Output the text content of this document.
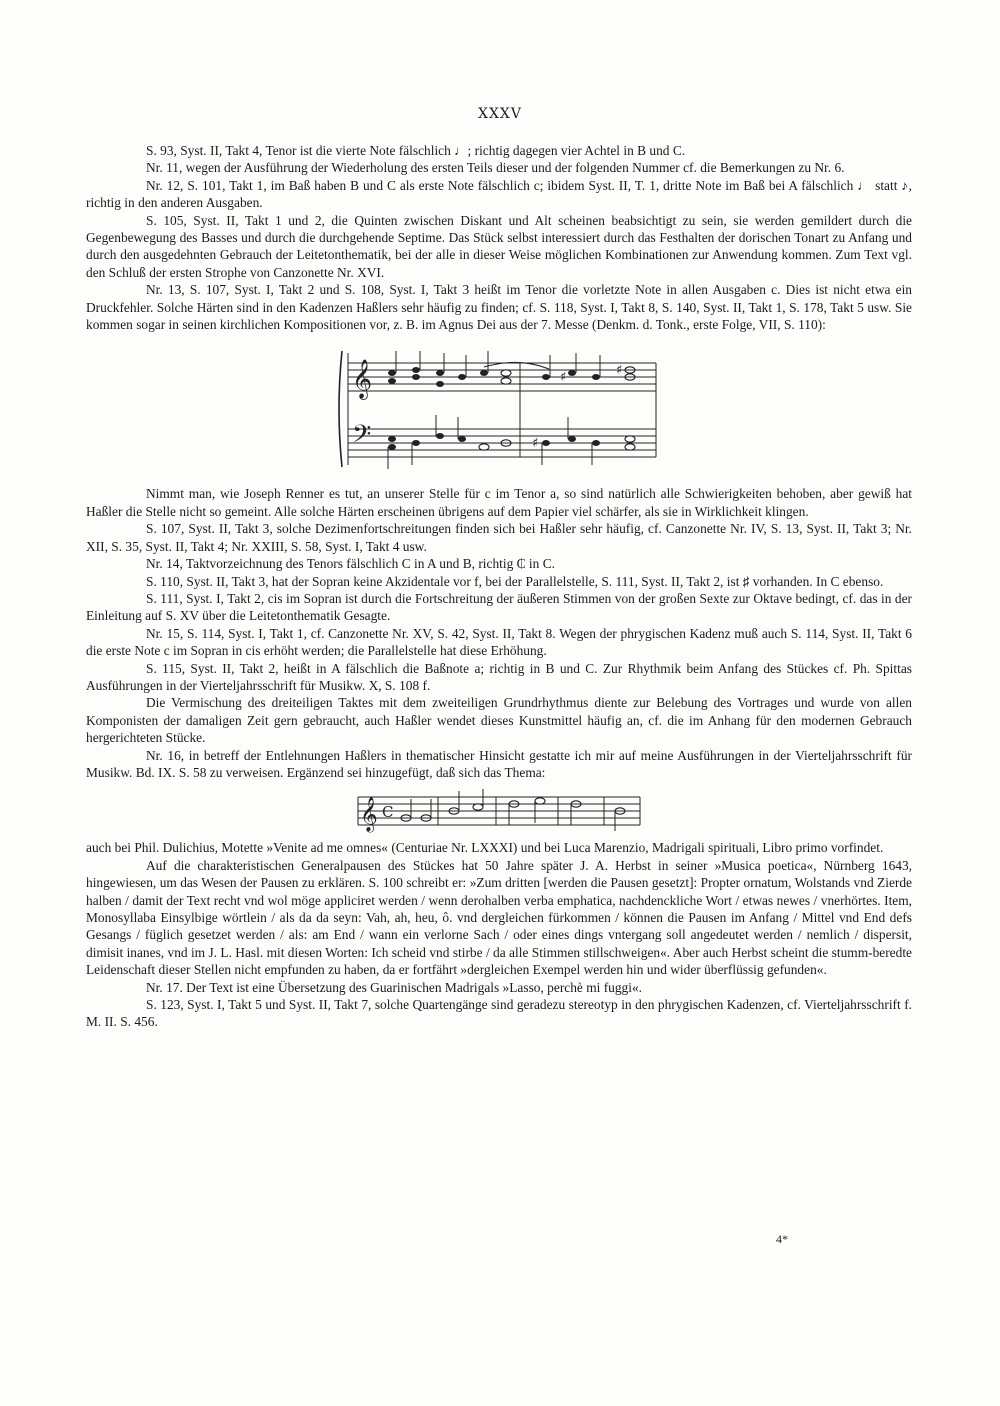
XXXV

S. 93, Syst. II, Takt 4, Tenor ist die vierte Note fälschlich ♩; richtig dagegen vier Achtel in B und C.

Nr. 11, wegen der Ausführung der Wiederholung des ersten Teils dieser und der folgenden Nummer cf. die Bemerkungen zu Nr. 6.

Nr. 12, S. 101, Takt 1, im Baß haben B und C als erste Note fälschlich c; ibidem Syst. II, T. 1, dritte Note im Baß bei A fälschlich ♩ statt ♪, richtig in den anderen Ausgaben.

S. 105, Syst. II, Takt 1 und 2, die Quinten zwischen Diskant und Alt scheinen beabsichtigt zu sein, sie werden gemildert durch die Gegenbewegung des Basses und durch die durchgehende Septime. Das Stück selbst interessiert durch das Festhalten der dorischen Tonart zu Anfang und durch den ausgedehnten Gebrauch der Leitetonthematik, bei der alle in dieser Weise möglichen Kombinationen zur Anwendung kommen. Zum Text vgl. den Schluß der ersten Strophe von Canzonette Nr. XVI.

Nr. 13, S. 107, Syst. I, Takt 2 und S. 108, Syst. I, Takt 3 heißt im Tenor die vorletzte Note in allen Ausgaben c. Dies ist nicht etwa ein Druckfehler. Solche Härten sind in den Kadenzen Haßlers sehr häufig zu finden; cf. S. 118, Syst. I, Takt 8, S. 140, Syst. II, Takt 1, S. 178, Takt 5 usw. Sie kommen sogar in seinen kirchlichen Kompositionen vor, z. B. im Agnus Dei aus der 7. Messe (Denkm. d. Tonk., erste Folge, VII, S. 110):

𝄞
𝄢
♯	♯
♯

Nimmt man, wie Joseph Renner es tut, an unserer Stelle für c im Tenor a, so sind natürlich alle Schwierigkeiten behoben, aber gewiß hat Haßler die Stelle nicht so gemeint. Alle solche Härten erscheinen übrigens auf dem Papier viel schärfer, als sie in Wirklichkeit klingen.

S. 107, Syst. II, Takt 3, solche Dezimenfortschreitungen finden sich bei Haßler sehr häufig, cf. Canzonette Nr. IV, S. 13, Syst. II, Takt 3; Nr. XII, S. 35, Syst. II, Takt 4; Nr. XXIII, S. 58, Syst. I, Takt 4 usw.

Nr. 14, Taktvorzeichnung des Tenors fälschlich C in A und B, richtig ₵ in C.

S. 110, Syst. II, Takt 3, hat der Sopran keine Akzidentale vor f, bei der Parallelstelle, S. 111, Syst. II, Takt 2, ist ♯ vorhanden. In C ebenso.

S. 111, Syst. I, Takt 2, cis im Sopran ist durch die Fortschreitung der äußeren Stimmen von der großen Sexte zur Oktave bedingt, cf. das in der Einleitung auf S. XV über die Leitetonthematik Gesagte.

Nr. 15, S. 114, Syst. I, Takt 1, cf. Canzonette Nr. XV, S. 42, Syst. II, Takt 8. Wegen der phrygischen Kadenz muß auch S. 114, Syst. II, Takt 6 die erste Note c im Sopran in cis erhöht werden; die Parallelstelle hat diese Erhöhung.

S. 115, Syst. II, Takt 2, heißt in A fälschlich die Baßnote a; richtig in B und C. Zur Rhythmik beim Anfang des Stückes cf. Ph. Spittas Ausführungen in der Vierteljahrsschrift für Musikw. X, S. 108 f.

Die Vermischung des dreiteiligen Taktes mit dem zweiteiligen Grundrhythmus diente zur Belebung des Vortrages und wurde von allen Komponisten der damaligen Zeit gern gebraucht, auch Haßler wendet dieses Kunstmittel häufig an, cf. die im Anhang für den modernen Gebrauch hergerichteten Stücke.

Nr. 16, in betreff der Entlehnungen Haßlers in thematischer Hinsicht gestatte ich mir auf meine Ausführungen in der Vierteljahrsschrift für Musikw. Bd. IX. S. 58 zu verweisen. Ergänzend sei hinzugefügt, daß sich das Thema:

𝄞 C

auch bei Phil. Dulichius, Motette »Venite ad me omnes« (Centuriae Nr. LXXXI) und bei Luca Marenzio, Madrigali spirituali, Libro primo vorfindet.

Auf die charakteristischen Generalpausen des Stückes hat 50 Jahre später J. A. Herbst in seiner »Musica poetica«, Nürnberg 1643, hingewiesen, um das Wesen der Pausen zu erklären. S. 100 schreibt er: »Zum dritten [werden die Pausen gesetzt]: Propter ornatum, Wolstands vnd Zierde halben / damit der Text recht vnd wol möge appliciret werden / wenn derohalben verba emphatica, nachdenckliche Wort / etwas newes / vnerhörtes. Item, Monosyllaba Einsylbige wörtlein / als da da seyn: Vah, ah, heu, ô. vnd dergleichen fürkommen / können die Pausen im Anfang / Mittel vnd End defs Gesangs / füglich gesetzet werden / als: am End / wann ein verlorne Sach / oder eines dings vntergang soll angedeutet werden / nemlich / dispersit, dimisit inanes, vnd im J. L. Hasl. mit diesen Worten: Ich scheid vnd stirbe / da alle Stimmen stillschweigen«. Aber auch Herbst scheint die stumm-beredte Leidenschaft dieser Stellen nicht empfunden zu haben, da er fortfährt »dergleichen Exempel werden hin und wider überflüssig gefunden«.

Nr. 17. Der Text ist eine Übersetzung des Guarinischen Madrigals »Lasso, perchè mi fuggi«.

S. 123, Syst. I, Takt 5 und Syst. II, Takt 7, solche Quartengänge sind geradezu stereotyp in den phrygischen Kadenzen, cf. Vierteljahrsschrift f. M. II. S. 456.

4*
